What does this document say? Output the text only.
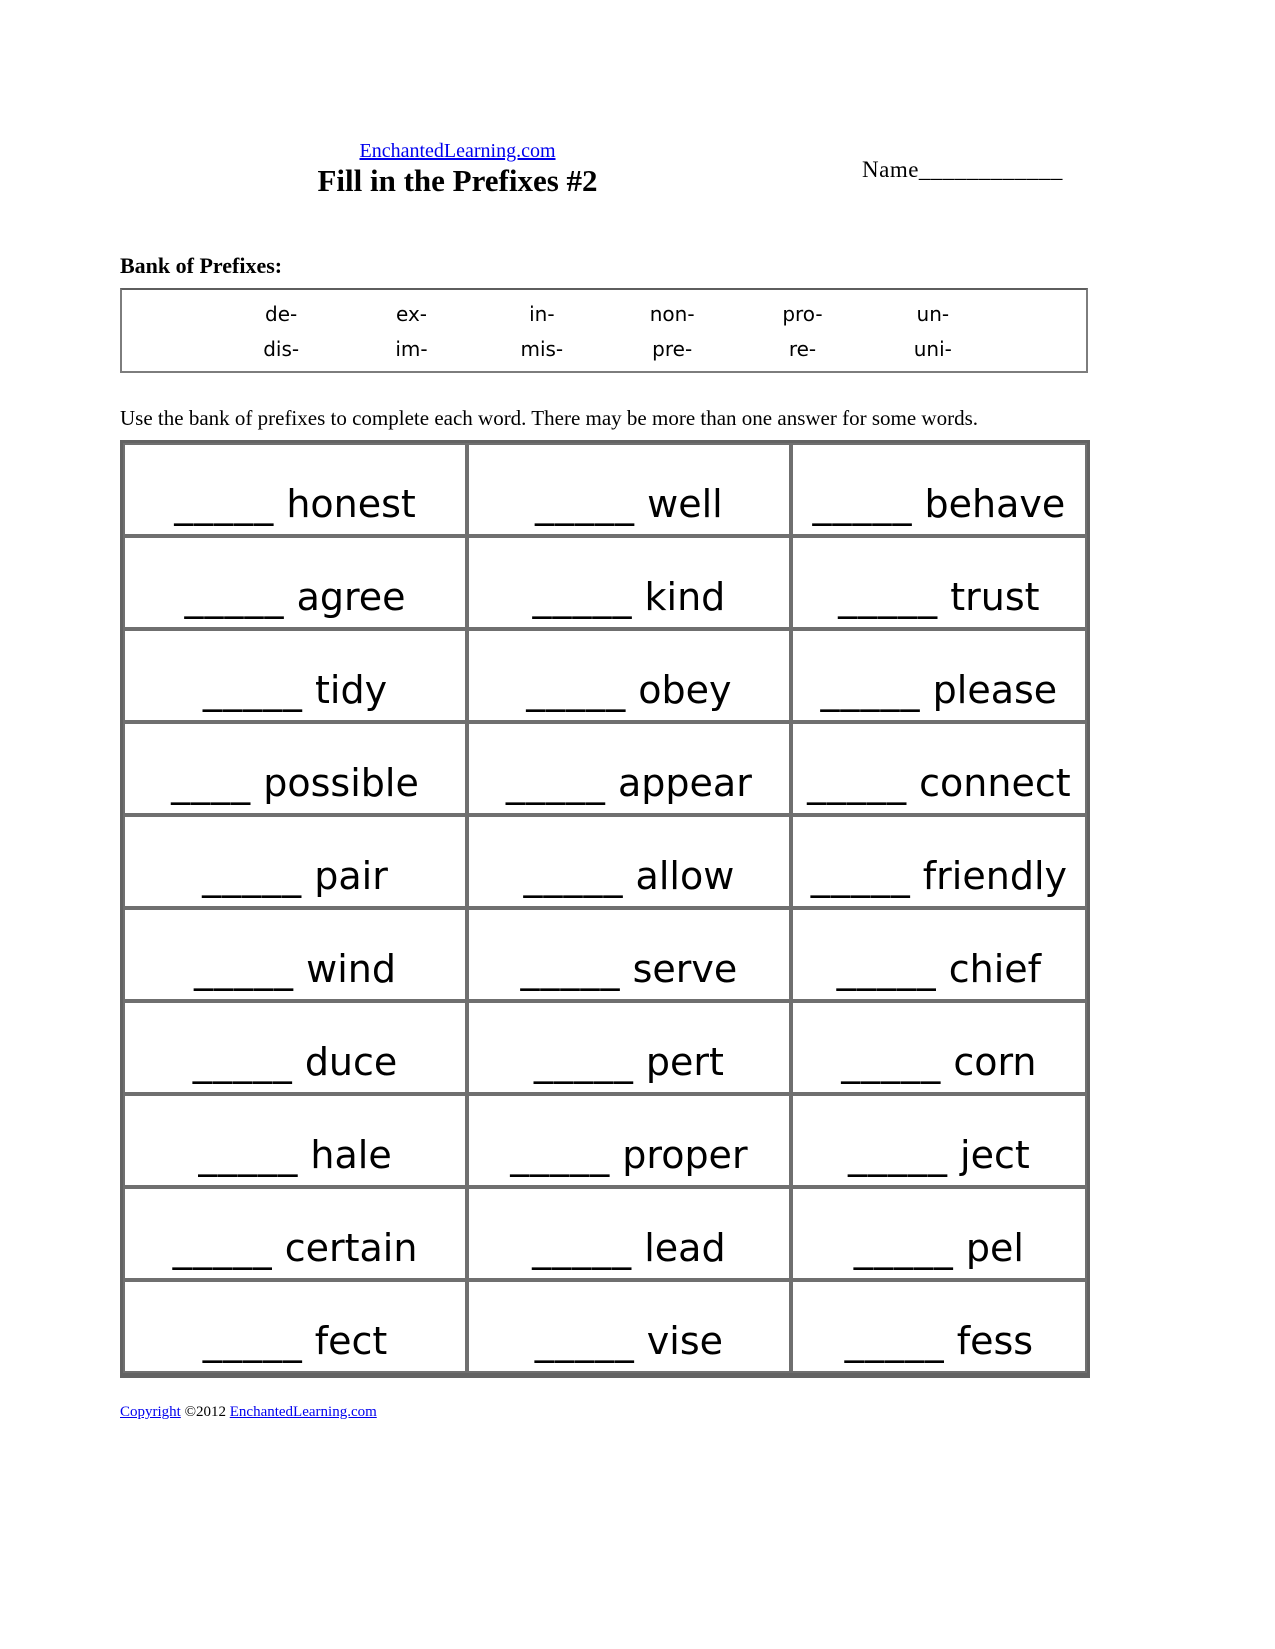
EnchantedLearning.com
Fill in the Prefixes #2	Name____________
Bank of Prefixes:
de-	ex-	in-	non-	pro-	un-
dis-	im-	mis-	pre-	re-	uni-

Use the bank of prefixes to complete each word. There may be more than one answer for some words.

_____ honest	_____ well	_____ behave
_____ agree	_____ kind	_____ trust
_____ tidy	_____ obey	_____ please
____ possible	_____ appear	_____ connect
_____ pair	_____ allow	_____ friendly
_____ wind	_____ serve	_____ chief
_____ duce	_____ pert	_____ corn
_____ hale	_____ proper	_____ ject
_____ certain	_____ lead	_____ pel
_____ fect	_____ vise	_____ fess
Copyright ©2012 EnchantedLearning.com
